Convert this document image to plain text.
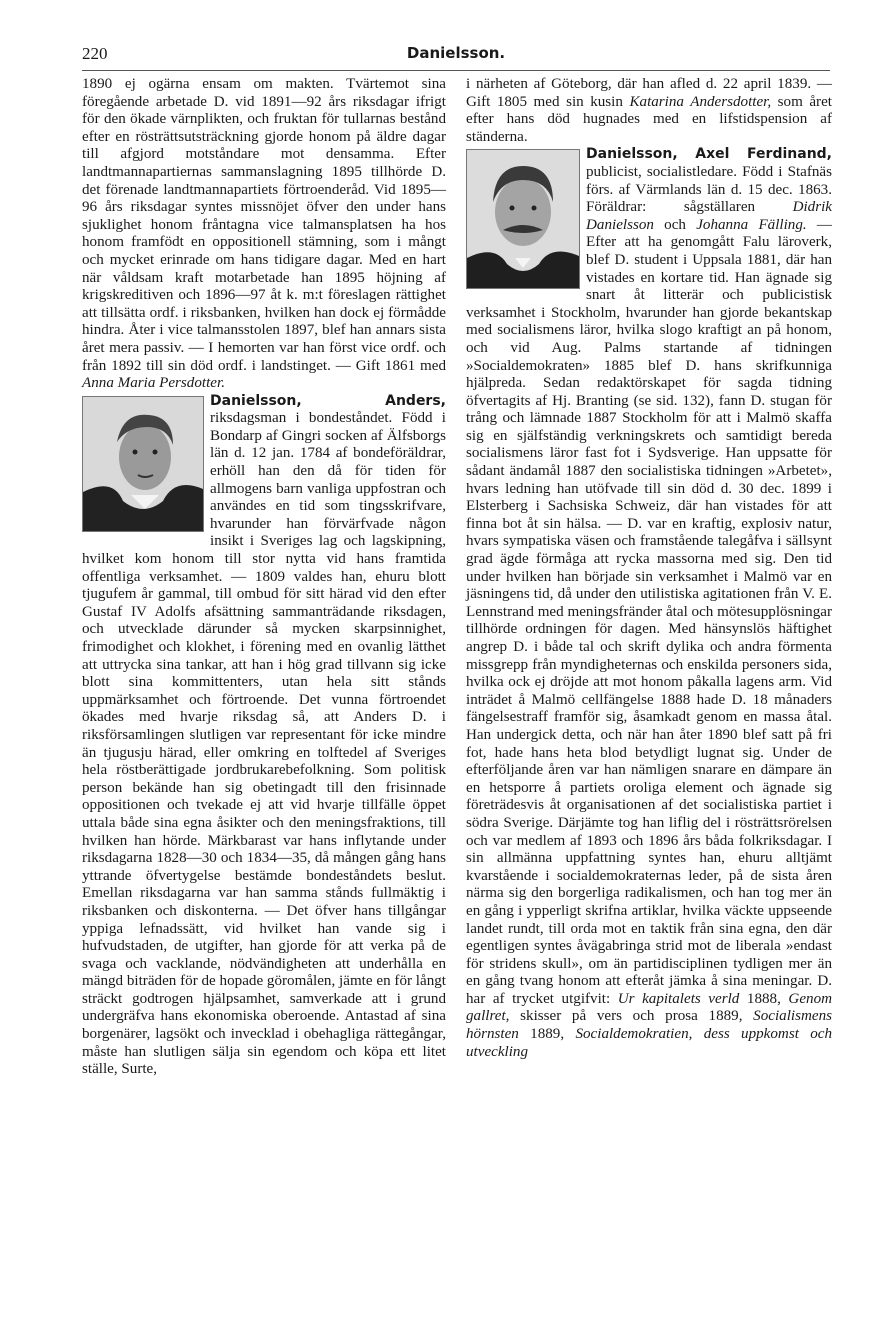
220	Danielsson.

1890 ej ogärna ensam om makten. Tvärtemot sina föregående arbetade D. vid 1891—92 års riksdagar ifrigt för den ökade värnplikten, och fruktan för tullarnas bestånd efter en rösträttsutsträckning gjorde honom på äldre dagar till afgjord motståndare mot densamma. Efter landtmannapartiernas sammanslagning 1895 tillhörde D. det förenade landtmannapartiets förtroenderåd. Vid 1895—96 års riksdagar syntes missnöjet öfver den under hans sjuklighet honom fråntagna vice talmansplatsen ha hos honom framfödt en oppositionell stämning, som i mångt och mycket erinrade om hans tidigare dagar. Med en hart när våldsam kraft motarbetade han 1895 höjning af krigskreditiven och 1896—97 åt k. m:t föreslagen rättighet att tillsätta ordf. i riksbanken, hvilken han dock ej förmådde hindra. Åter i vice talmansstolen 1897, blef han annars sista året mera passiv. — I hemorten var han först vice ordf. och från 1892 till sin död ordf. i landstinget. — Gift 1861 med Anna Maria Persdotter.

Danielsson, Anders,
riksdagsman i bondeståndet. Född i Bondarp af Gingri socken af Älfsborgs län d. 12 jan. 1784 af bondeföräldrar, erhöll han den då för tiden för allmogens barn vanliga uppfostran och användes en tid som tingsskrifvare, hvarunder han förvärfvade någon insikt i Sveriges lag och lagskipning, hvilket kom honom till stor nytta vid hans framtida offentliga verksamhet. — 1809 valdes han, ehuru blott tjugufem år gammal, till ombud för sitt härad vid den efter Gustaf IV Adolfs afsättning sammanträdande riksdagen, och utvecklade därunder så mycken skarpsinnighet, frimodighet och klokhet, i förening med en ovanlig lätthet att uttrycka sina tankar, att han i hög grad tillvann sig icke blott sina kommittenters, utan hela sitt stånds uppmärksamhet och förtroende. Det vunna förtroendet ökades med hvarje riksdag så, att Anders D. i riksförsamlingen slutligen var representant för icke mindre än tjugusju härad, eller omkring en tolftedel af Sveriges hela röstberättigade jordbrukarebefolkning. Som politisk person bekände han sig obetingadt till den frisinnade oppositionen och tvekade ej att vid hvarje tillfälle öppet uttala både sina egna åsikter och den meningsfraktions, till hvilken han hörde. Märkbarast var hans inflytande under riksdagarna 1828—30 och 1834—35, då mången gång hans yttrande öfvertygelse bestämde bondeståndets beslut. Emellan riksdagarna var han samma stånds fullmäktig i riksbanken och diskonterna. — Det öfver hans tillgångar yppiga lefnadssätt, vid hvilket han vande sig i hufvudstaden, de utgifter, han gjorde för att verka på de svaga och vacklande, nödvändigheten att underhålla en mängd biträden för de hopade göromålen, jämte en för långt sträckt godtrogen hjälpsamhet, samverkade att i grund undergräfva hans ekonomiska oberoende. Antastad af sina borgenärer, lagsökt och inveckl​ad i obehagliga rättegångar, måste han slutligen sälja sin egendom och köpa ett litet ställe, Surte,

i närheten af Göteborg, där han afled d. 22 april 1839. — Gift 1805 med sin kusin Katarina Andersdotter, som året efter hans död hugnades med en lifstidspension af ständerna.

Danielsson, Axel Ferdinand,
publicist, socialistledare. Född i Stafnäs förs. af Värmlands län d. 15 dec. 1863. Föräldrar: sågställaren Didrik Danielsson och Johanna Fälling. — Efter att ha genomgått Falu läroverk, blef D. student i Uppsala 1881, där han vistades en kortare tid. Han ägnade sig snart åt litterär och publicistisk verksamhet i Stockholm, hvarunder han gjorde bekantskap med socialismens läror, hvilka slogo kraftigt an på honom, och vid Aug. Palms startande af tidningen »Socialdemokraten» 1885 blef D. hans skrifkunniga hjälpreda. Sedan redaktörskapet för sagda tidning öfvertagits af Hj. Branting (se sid. 132), fann D. stugan för trång och lämnade 1887 Stockholm för att i Malmö skaffa sig en själfständig verkningskrets och samtidigt bereda socialismens läror fast fot i Sydsverige. Han uppsatte för sådant ändamål 1887 den socialistiska tidningen »Arbetet», hvars ledning han utöfvade till sin död d. 30 dec. 1899 i Elsterberg i Sachsiska Schweiz, där han vistades för att finna bot åt sin hälsa. — D. var en kraftig, explosiv natur, hvars sympatiska väsen och framstående talegåfva i sällsynt grad ägde förmåga att rycka massorna med sig. Den tid under hvilken han började sin verksamhet i Malmö var en jäsningens tid, då under den utilistiska agitationen från V. E. Lennstrand med meningsfränder åtal och mötesupplösningar tillhörde ordningen för dagen. Med hänsynslös häftighet angrep D. i både tal och skrift dylika och andra förmenta missgrepp från myndigheternas och enskilda personers sida, hvilka ock ej dröjde att mot honom påkalla lagens arm. Vid inträdet å Malmö cellfängelse 1888 hade D. 18 månaders fängelsestraff framför sig, åsamkadt genom en massa åtal. Han undergick detta, och när han åter 1890 blef satt på fri fot, hade hans heta blod betydligt lugnat sig. Under de efterföljande åren var han nämligen snarare en dämpare än en hetsporre å partiets oroliga element och ägnade sig företrädesvis åt organisationen af det socialistiska partiet i södra Sverige. Därjämte tog han liflig del i rösträttsrörelsen och var medlem af 1893 och 1896 års båda folkriksdagar. I sin allmänna uppfattning syntes han, ehuru alltjämt kvarstående i socialdemokraternas leder, på de sista åren närma sig den borgerliga radikalismen, och han tog mer än en gång i ypperligt skrifna artiklar, hvilka väckte uppseende landet rundt, till orda mot en taktik från sina egna, den där egentligen syntes åvägabringa strid mot de liberala »endast för stridens skull», om än partidisciplinen tydligen mer än en gång tvang honom att efteråt jämka å sina meningar. D. har af trycket utgifvit: Ur kapitalets verld 1888, Genom gallret, skisser på vers och prosa 1889, Socialismens hörnsten 1889, Socialdemokratien, dess uppkomst och utveckling
